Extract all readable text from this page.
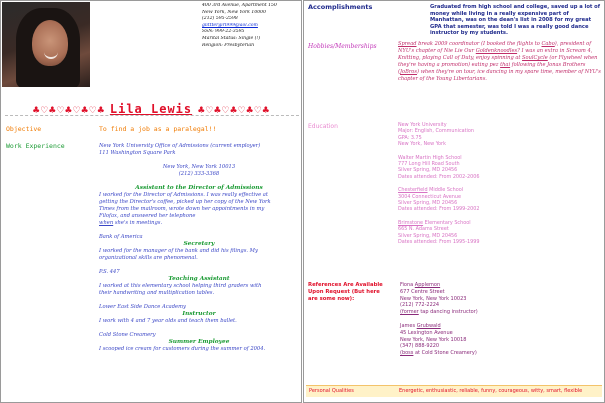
400 3rd Avenue, Apartment 150
New York, New York 10000
(212) 595-2598
glitttergirl999@aol.com
SSN: 999-22-3595
Marital Status: Single (!)
Religion: Presbyterian
♣♡♣♡♣♡♣♡♣ Lila Lewis ♣♡♣♡♣♡♣♡♣
Objective	To find a job as a paralegal!!
Work Experience	New York University Office of Admissions (current employer)
111 Washington Square Park
New York, New York 10013
(212) 333-3368
Assistant to the Director of Admissions
I worked for the Director of Admissions. I was really effective at
getting the Director's coffee, picked up her copy of the New York
Times from the mailroom, wrote down her appointments in my
Filofax, and answered her telephone
when she's in meetings.
Bank of America
Secretary
I worked for the manager of the bank and did his filings. My
organizational skills are phenomenal.
P.S. 447
Teaching Assistant
I worked at this elementary school helping third graders with
their handwriting and multiplication tables.
Lower East Side Dance Academy
Instructor
I work with 4 and 7 year olds and teach them ballet.
Cold Stone Creamery
Summer Employee
I scooped ice cream for customers during the summer of 2004.
Accomplishments	Graduated from high school and college, saved up a lot of money while living in a really expensive part of Manhattan, was on the dean's list in 2008 for my great GPA that semester, was told I was a really good dance instructor by my students.
Hobbies/Memberships	Spread break 2009 coordinator (I booked the flights to Cabo), president of NYU's chapter of Nie Lie Our Goldenknoodles? I was an extra in Scream 4, Knitting, playing Call of Duty, enjoy spinning at SoulCycle (or Flywheel when they're having a promotion) eating pez thai following the Jonas Brothers (JoBros) when they're on tour, ice dancing in my spare time, member of NYU's chapter of the Young Libertarians.
Education	New York University
Major: English, Communication
GPA: 3.75
New York, New York
Walter Martin High School
777 Long Hill Road South
Silver Spring, MD 20456
Dates attended: From 2002-2006
Chesterfield Middle School
3004 Connecticut Avenue
Silver Spring, MD 20456
Dates attended: From 1999-2002
Brimstone Elementary School
665 N. Adams Street
Silver Spring, MD 20456
Dates attended: From 1995-1999
References Are Available Upon Request (But here are some now):
Fiona Applemon
677 Centre Street
New York, New York 10023
(212) 772-2224
(former tap dancing instructor)
James Grubwald
45 Lexington Avenue
New York, New York 10018
(347) 888-9220
(boss at Cold Stone Creamery)
Personal Qualities	Energetic, enthusiastic, reliable, funny, courageous, witty, smart, flexible
